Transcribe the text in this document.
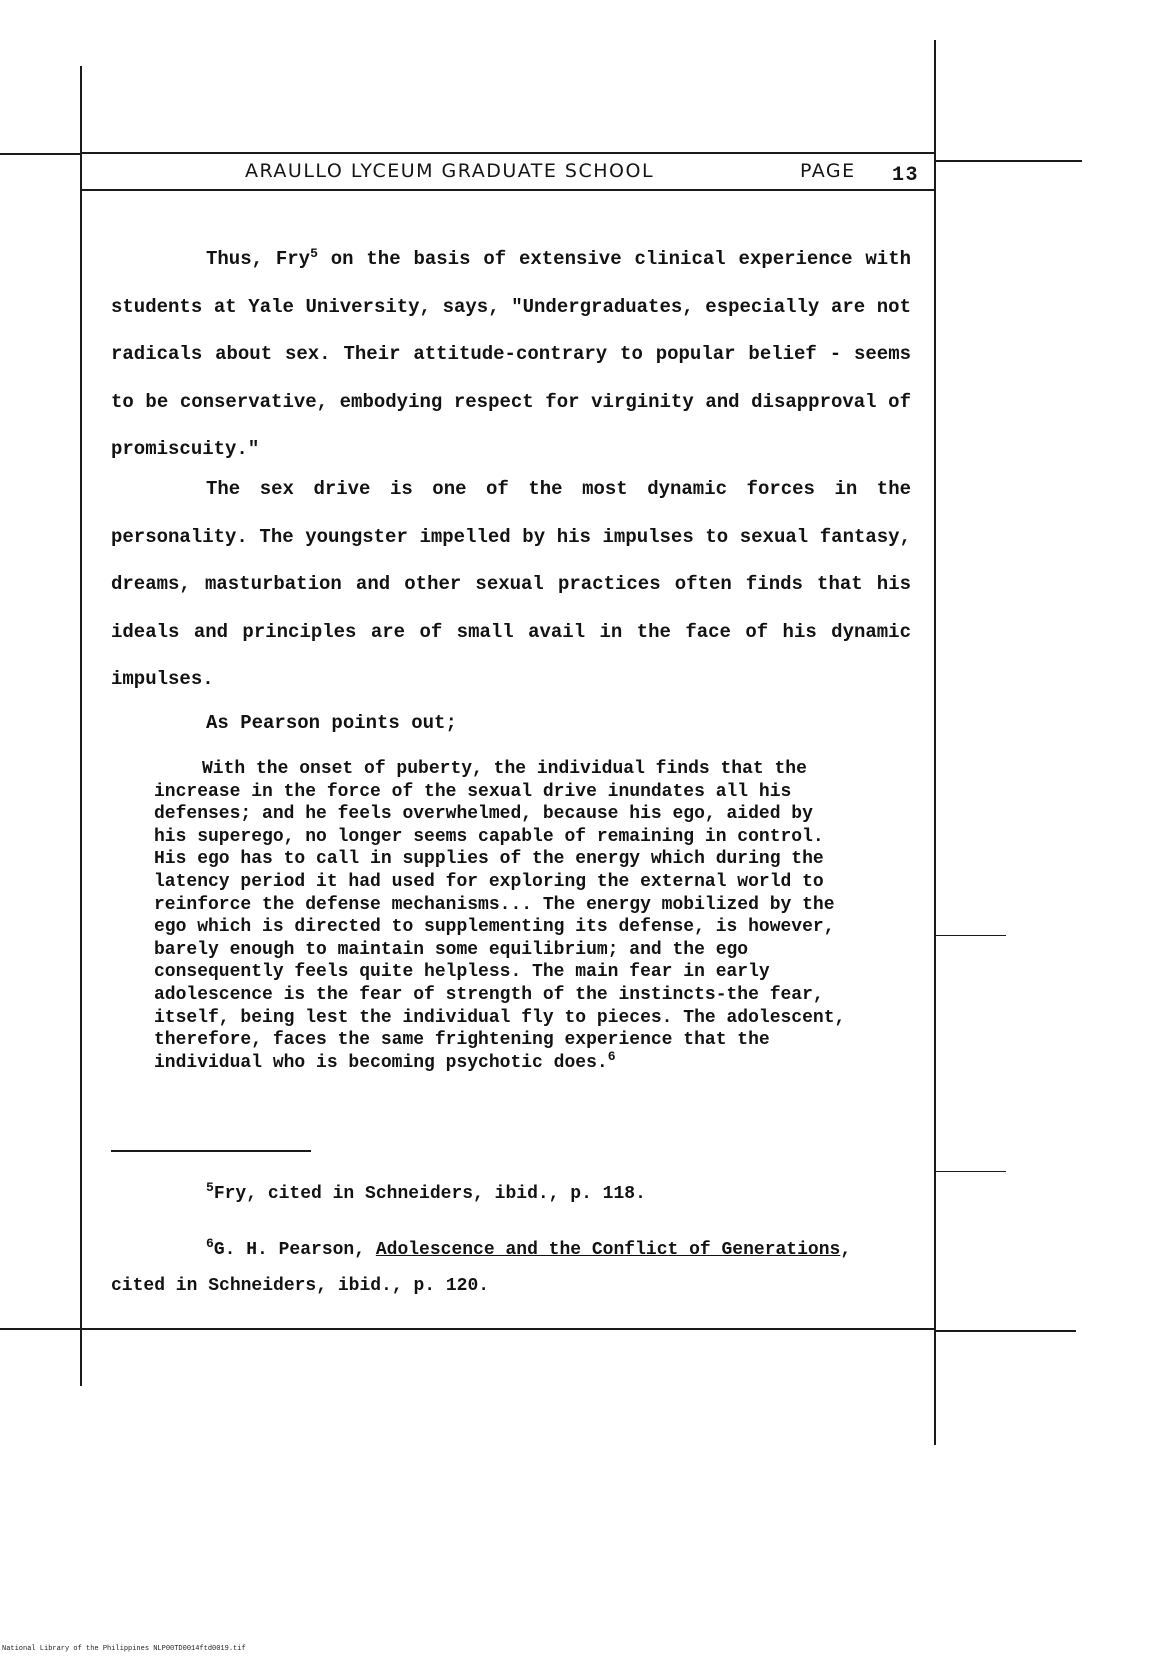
ARAULLO LYCEUM GRADUATE SCHOOL	PAGE 13

Thus, Fry$^5$ on the basis of extensive clinical experience with students at Yale University, says, "Undergraduates, especially are not radicals about sex. Their attitude-contrary to popular belief - seems to be conservative, embodying respect for virginity and disapproval of promiscuity."

The sex drive is one of the most dynamic forces in the personality. The youngster impelled by his impulses to sexual fantasy, dreams, masturbation and other sexual practices often finds that his ideals and principles are of small avail in the face of his dynamic impulses.

As Pearson points out;

With the onset of puberty, the individual finds that the increase in the force of the sexual drive inundates all his defenses; and he feels overwhelmed, because his ego, aided by his superego, no longer seems capable of remaining in control. His ego has to call in supplies of the energy which during the latency period it had used for exploring the external world to reinforce the defense mechanisms... The energy mobilized by the ego which is directed to supplementing its defense, is however, barely enough to maintain some equilibrium; and the ego consequently feels quite helpless. The main fear in early adolescence is the fear of strength of the instincts-the fear, itself, being lest the individual fly to pieces. The adolescent, therefore, faces the same frightening experience that the individual who is becoming psychotic does.$^6$

$^5$Fry, cited in Schneiders, ibid., p. 118.

$^6$G. H. Pearson, Adolescence and the Conflict of Generations, cited in Schneiders, ibid., p. 120.

National Library of the Philippines NLP00TD0014ftd0019.tif
